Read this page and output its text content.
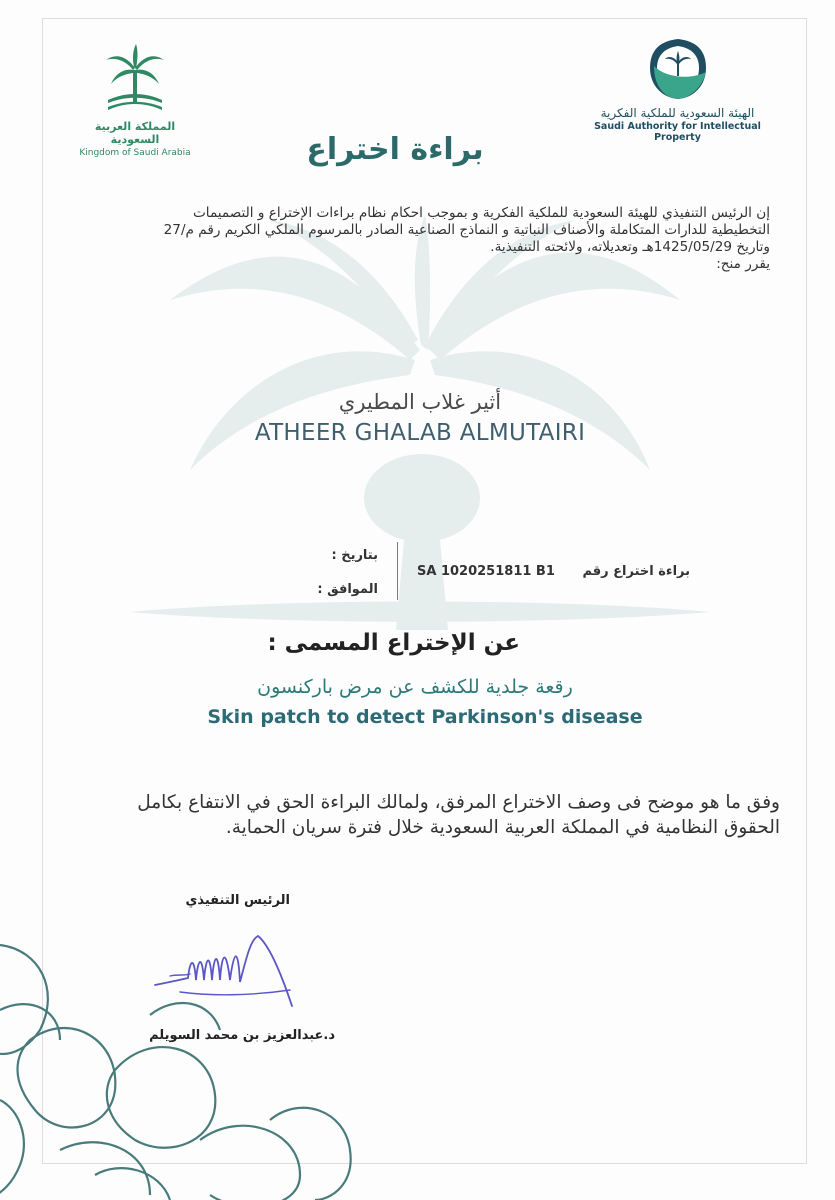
المملكة العربية السعودية
Kingdom of Saudi Arabia
الهيئة السعودية للملكية الفكرية
Saudi Authority for Intellectual Property
براءة اختراع

إن الرئيس التنفيذي للهيئة السعودية للملكية الفكرية و بموجب احكام نظام براءات الإختراع و التصميمات

التخطيطية للدارات المتكاملة والأصناف النباتية و النماذج الصناعية الصادر بالمرسوم الملكي الكريم رقم م/27

وتاريخ 1425/05/29هـ وتعديلاته، ولائحته التنفيذية.

يقرر منح:

أثير غلاب المطيري
ATHEER GHALAB ALMUTAIRI
بتاريخ :
الموافق :
SA 1020251811 B1 براءة اختراع رقم
عن الإختراع المسمى :
رقعة جلدية للكشف عن مرض باركنسون
Skin patch to detect Parkinson's disease

وفق ما هو موضح فى وصف الاختراع المرفق، ولمالك البراءة الحق في الانتفاع بكامل

الحقوق النظامية في المملكة العربية السعودية خلال فترة سريان الحماية.

الرئيس التنفيذي
د.عبدالعزيز بن محمد السويلم
